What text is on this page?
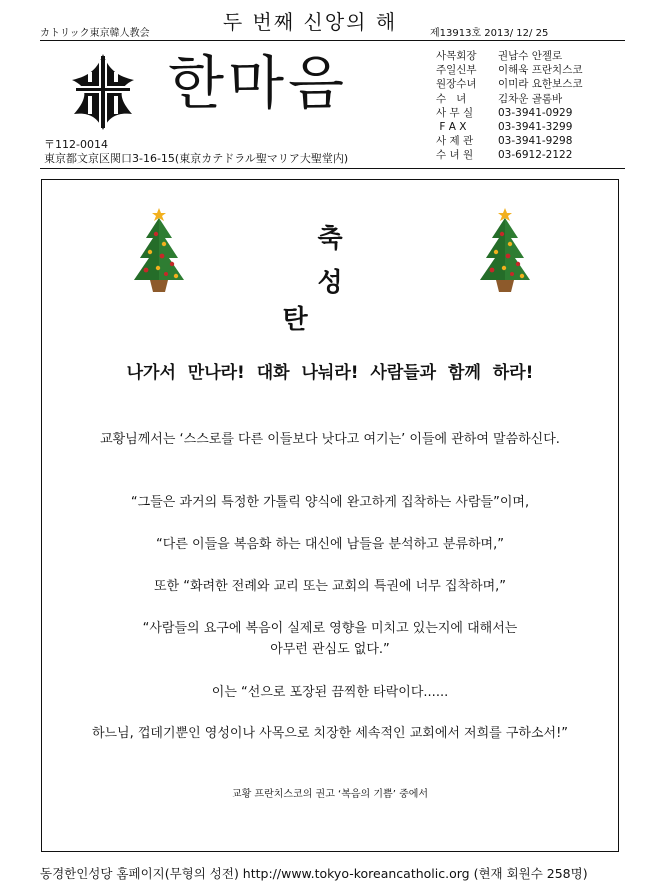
カトリック東京韓人教会	두 번째 신앙의 해	제13913호 2013/ 12/ 25
한마음	사목회장	권남수 안젤로
주일신부	이해욱 프란치스코
원장수녀	이미라 요한보스코
수   녀	김차운 골롬바
사 무 실	03-3941-0929
F A X	03-3941-3299
사 제 관	03-3941-9298
수 녀 원	03-6912-2122
〒112-0014
東京都文京区関口3-16-15(東京カテドラル聖マリア大聖堂内)
축
성탄
나가서 만나라! 대화 나눠라! 사람들과 함께 하라!
교황님께서는 ‘스스로를 다른 이들보다 낫다고 여기는’ 이들에 관하여 말씀하신다.
“그들은 과거의 특정한 가톨릭 양식에 완고하게 집착하는 사람들”이며,
“다른 이들을 복음화 하는 대신에 남들을 분석하고 분류하며,”
또한 “화려한 전례와 교리 또는 교회의 특권에 너무 집착하며,”
“사람들의 요구에 복음이 실제로 영향을 미치고 있는지에 대해서는
아무런 관심도 없다.”
이는 “선으로 포장된 끔찍한 타락이다......
하느님, 껍데기뿐인 영성이나 사목으로 치장한 세속적인 교회에서 저희를 구하소서!”
교황 프란치스코의 권고 ‘복음의 기쁨’ 중에서
동경한인성당 홈페이지(무형의 성전) http://www.tokyo-koreancatholic.org (현재 회원수 258명)
